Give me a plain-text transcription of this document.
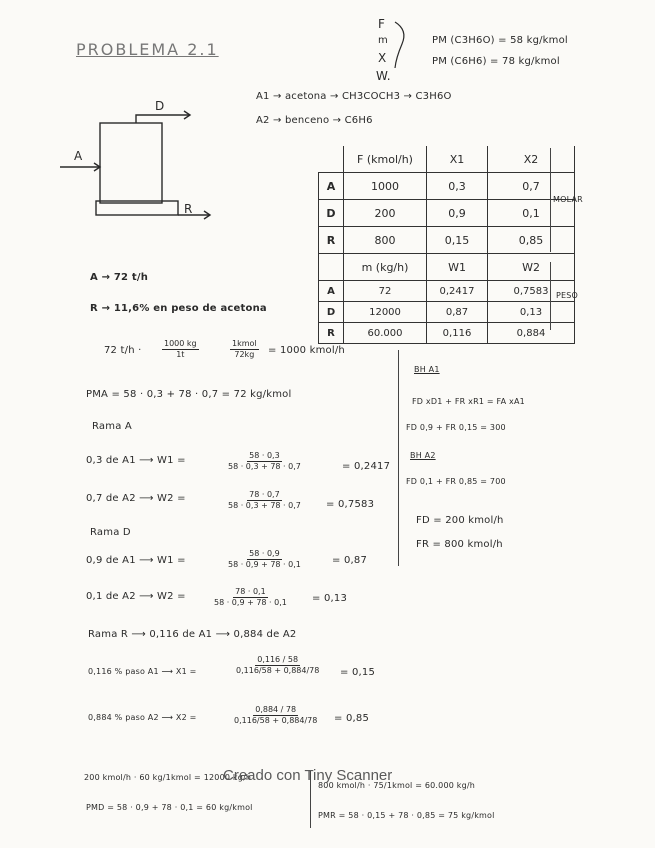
PROBLEMA 2.1
F
m
X
W.
PM (C3H6O) = 58 kg/kmol
PM (C6H6) = 78 kg/kmol
A1 → acetona → CH3COCH3 → C3H6O
A2 → benceno → C6H6
A
D
R
A → 72 t/h
R → 11,6% en peso de acetona
	F (kmol/h)	X1	X2
A	1000	0,3	0,7
D	200	0,9	0,1
R	800	0,15	0,85
	m (kg/h)	W1	W2
A	72	0,2417	0,7583
D	12000	0,87	0,13
R	60.000	0,116	0,884
MOLAR
PESO
72 t/h ·	$\frac{1000 kg}{1t}$	1kmol
72kg = 1000 kmol/h
PMA = 58 · 0,3 + 78 · 0,7 = 72 kg/kmol
Rama A
0,3 de A1 ⟶ W1 =	$\frac{58 \cdot 0,3}{58 \cdot 0,3 + 78 \cdot 0,7}$	= 0,2417
0,7 de A2 ⟶ W2 =	$\frac{78 \cdot 0,7}{58 \cdot 0,3 + 78 \cdot 0,7}$	= 0,7583
Rama D
0,9 de A1 ⟶ W1 =	$\frac{58 \cdot 0,9}{58 \cdot 0,9 + 78 \cdot 0,1}$	= 0,87
0,1 de A2 ⟶ W2 =	$\frac{78 \cdot 0,1}{58 \cdot 0,9 + 78 \cdot 0,1}$	= 0,13
Rama R ⟶ 0,116 de A1 ⟶ 0,884 de A2
0,116 % paso A1 ⟶ X1 =	$\frac{0,116 / 58}{0,116/58 + 0,884/78} = 0,15$
0,884 % paso A2 ⟶ X2 =	$\frac{0,884 / 78}{0,116/58 + 0,884/78} = 0,85$
BH A1
FD xD1 + FR xR1 = FA xA1
FD 0,9 + FR 0,15 = 300
BH A2
FD 0,1 + FR 0,85 = 700
FD = 200 kmol/h
FR = 800 kmol/h
200 kmol/h · 60 kg/1kmol = 12000 kg/h
800 kmol/h · 75/1kmol = 60.000 kg/h
PMD = 58 · 0,9 + 78 · 0,1 = 60 kg/kmol
PMR = 58 · 0,15 + 78 · 0,85 = 75 kg/kmol
Creado con Tiny Scanner
